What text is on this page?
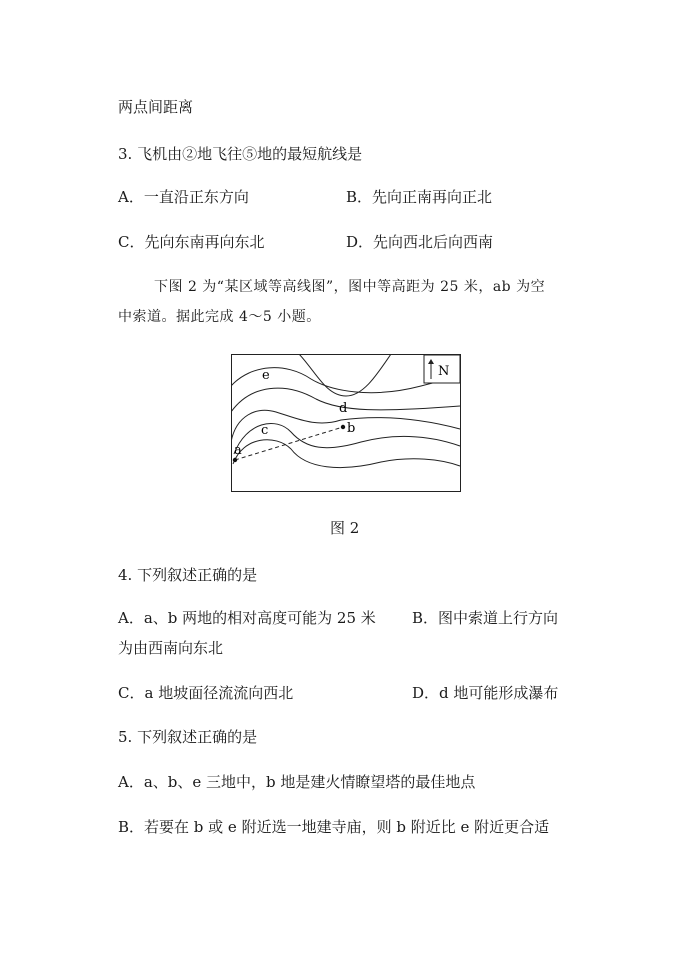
两点间距离
3. 飞机由②地飞往⑤地的最短航线是
A．一直沿正东方向	B．先向正南再向正北
C．先向东南再向东北	D．先向西北后向西南
下图 2 为“某区域等高线图”，图中等高距为 25 米，ab 为空
中索道。据此完成 4～5 小题。
e
d
b
c
a
N
图 2
4. 下列叙述正确的是
A．a、b 两地的相对高度可能为 25 米 B．图中索道上行方向
为由西南向东北
C．a 地坡面径流流向西北	D．d 地可能形成瀑布
5. 下列叙述正确的是
A．a、b、e 三地中，b 地是建火情瞭望塔的最佳地点
B．若要在 b 或 e 附近选一地建寺庙，则 b 附近比 e 附近更合适
